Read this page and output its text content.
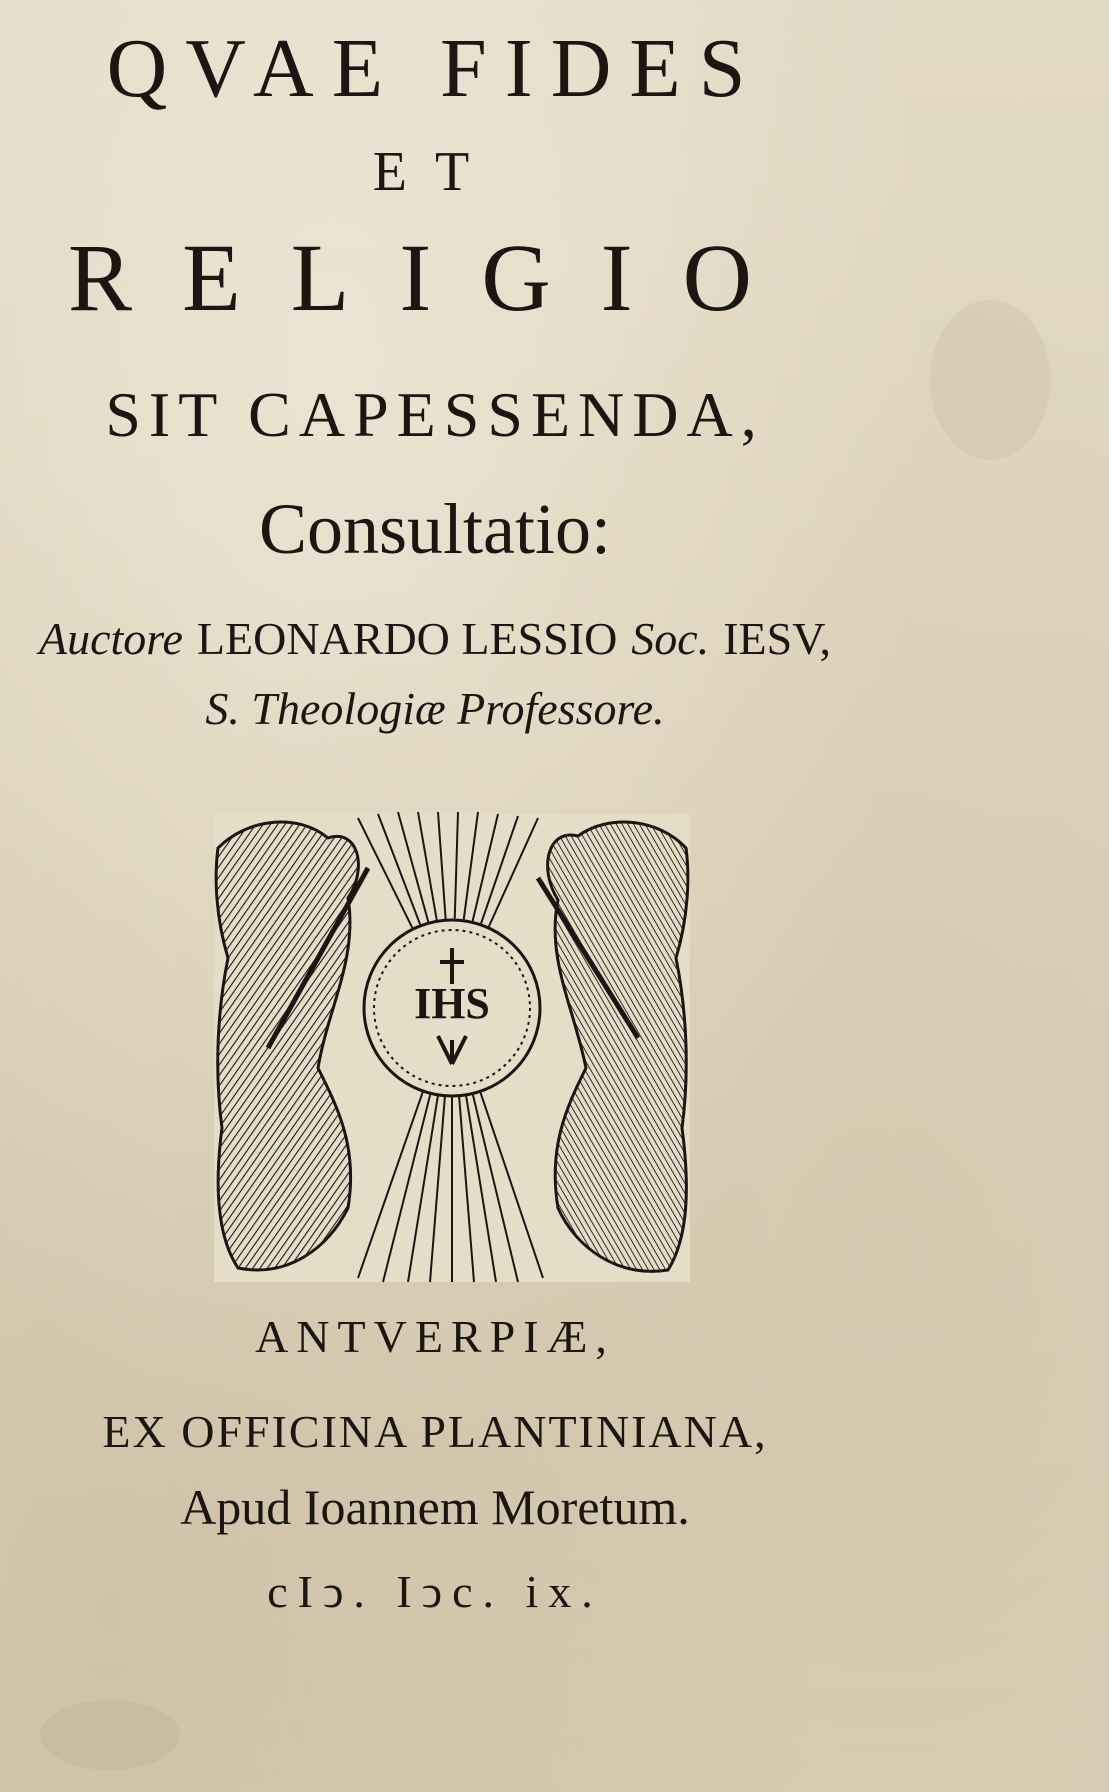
QVAE FIDES
ET
RELIGIO
SIT CAPESSENDA,
Consultatio:
Auctore LEONARDO LESSIO Soc. IESV,
S. Theologiæ Professore.
IHS
ANTVERPIÆ,
EX OFFICINA PLANTINIANA,
Apud Ioannem Moretum.
cIↄ. Iↄc. ix.
